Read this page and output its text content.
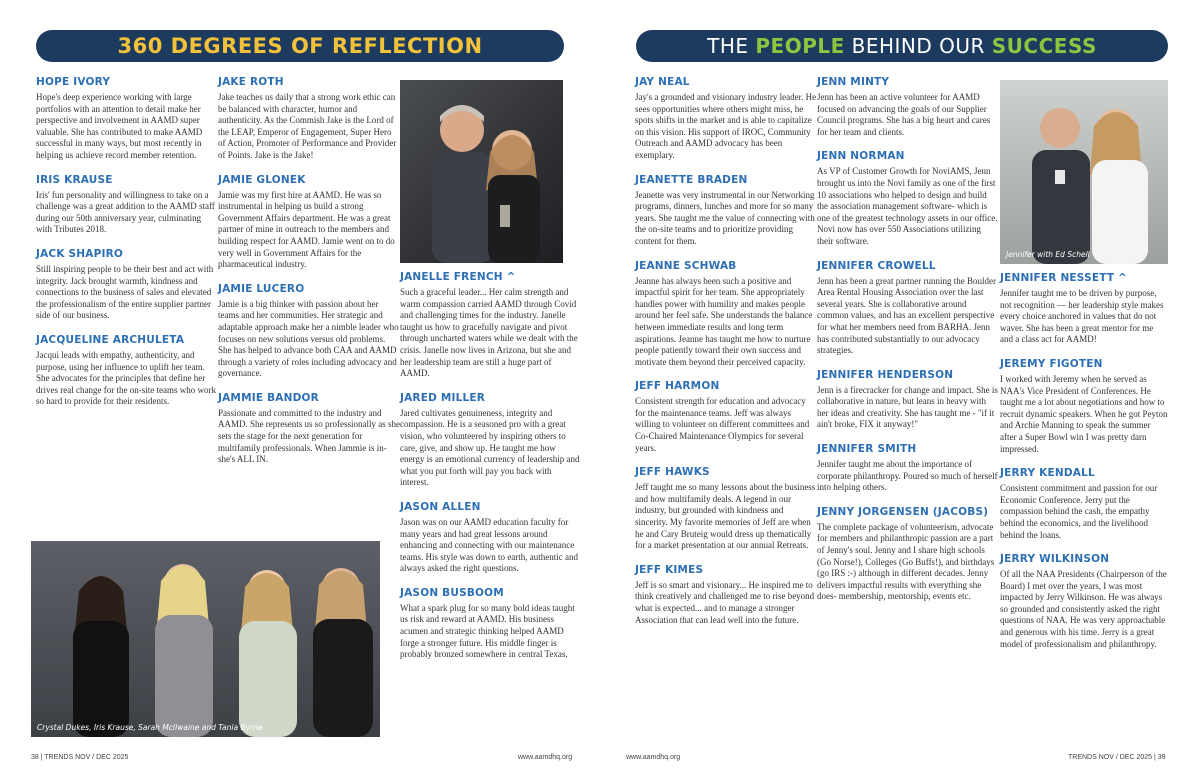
360 DEGREES OF REFLECTION	THE PEOPLE BEHIND OUR SUCCESS
HOPE IVORY
Hope's deep experience working with large portfolios with an attention to detail make her perspective and involvement in AAMD super valuable. She has contributed to make AAMD successful in many ways, but most recently in helping us achieve record member retention.
IRIS KRAUSE
Iris' fun personality and willingness to take on a challenge was a great addition to the AAMD staff during our 50th anniversary year, culminating with Tributes 2018.
JACK SHAPIRO
Still inspiring people to be their best and act with integrity. Jack brought warmth, kindness and connections to the business of sales and elevated the professionalism of the entire supplier partner side of our business.
JACQUELINE ARCHULETA
Jacqui leads with empathy, authenticity, and purpose, using her influence to uplift her team. She advocates for the principles that define her drives real change for the on-site teams who work so hard to provide for their residents.
JAKE ROTH
Jake teaches us daily that a strong work ethic can be balanced with character, humor and authenticity. As the Commish Jake is the Lord of the LEAP, Emperor of Engagement, Super Hero of Action, Promoter of Performance and Provider of Points. Jake is the Jake!
JAMIE GLONEK
Jamie was my first hire at AAMD. He was so instrumental in helping us build a strong Government Affairs department. He was a great partner of mine in outreach to the members and building respect for AAMD. Jamie went on to do very well in Government Affairs for the pharmaceutical industry.
JAMIE LUCERO
Jamie is a big thinker with passion about her teams and her communities. Her strategic and adaptable approach make her a nimble leader who focuses on new solutions versus old problems. She has helped to advance both CAA and AAMD through a variety of roles including advocacy and governance.
JAMMIE BANDOR
Passionate and committed to the industry and AAMD. She represents us so professionally as she sets the stage for the next generation for multifamily professionals. When Jammie is in- she's ALL IN.
JANELLE FRENCH ^
Such a graceful leader... Her calm strength and warm compassion carried AAMD through Covid and challenging times for the industry. Janelle taught us how to gracefully navigate and pivot through uncharted waters while we dealt with the crisis. Janelle now lives in Arizona, but she and her leadership team are still a huge part of AAMD.
JARED MILLER
Jared cultivates genuineness, integrity and compassion. He is a seasoned pro with a great vision, who volunteered by inspiring others to care, give, and show up. He taught me how energy is an emotional currency of leadership and what you put forth will pay you back with interest.
JASON ALLEN
Jason was on our AAMD education faculty for many years and had great lessons around enhancing and connecting with our maintenance teams. His style was down to earth, authentic and always asked the right questions.
JASON BUSBOOM
What a spark plug for so many bold ideas taught us risk and reward at AAMD. His business acumen and strategic thinking helped AAMD forge a stronger future. His middle finger is probably bronzed somewhere in central Texas.
Crystal Dukes, Iris Krause, Sarah McIlwaine and Tania Byrne
JAY NEAL
Jay's a grounded and visionary industry leader. He sees opportunities where others might miss, he spots shifts in the market and is able to capitalize on this vision. His support of IROC, Community Outreach and AAMD advocacy has been exemplary.
JEANETTE BRADEN
Jeanette was very instrumental in our Networking programs, dinners, lunches and more for so many years. She taught me the value of connecting with the on-site teams and to prioritize providing content for them.
JEANNE SCHWAB
Jeanne has always been such a positive and impactful spirit for her team. She appropriately handles power with humility and makes people around her feel safe. She understands the balance between immediate results and long term aspirations. Jeanne has taught me how to nurture people patiently toward their own success and motivate them beyond their perceived capacity.
JEFF HARMON
Consistent strength for education and advocacy for the maintenance teams. Jeff was always willing to volunteer on different committees and Co-Chaired Maintenance Olympics for several years.
JEFF HAWKS
Jeff taught me so many lessons about the business and how multifamily deals. A legend in our industry, but grounded with kindness and sincerity. My favorite memories of Jeff are when he and Cary Bruteig would dress up thematically for a market presentation at our annual Retreats.
JEFF KIMES
Jeff is so smart and visionary... He inspired me to think creatively and challenged me to rise beyond what is expected... and to manage a stronger Association that can lead well into the future.
JENN MINTY
Jenn has been an active volunteer for AAMD focused on advancing the goals of our Supplier Council programs. She has a big heart and cares for her team and clients.
JENN NORMAN
As VP of Customer Growth for NoviAMS, Jenn brought us into the Novi family as one of the first 10 associations who helped to design and build the association management software- which is one of the greatest technology assets in our office. Novi now has over 550 Associations utilizing their software.
JENNIFER CROWELL
Jenn has been a great partner running the Boulder Area Rental Housing Association over the last several years. She is collaborative around common values, and has an excellent perspective for what her members need from BARHA. Jenn has contributed substantially to our advocacy strategies.
JENNIFER HENDERSON
Jenn is a firecracker for change and impact. She is collaborative in nature, but leans in heavy with her ideas and creativity. She has taught me - "if it ain't broke, FIX it anyway!"
JENNIFER SMITH
Jennifer taught me about the importance of corporate philanthropy. Poured so much of herself into helping others.
JENNY JORGENSEN (JACOBS)
The complete package of volunteerism, advocate for members and philanthropic passion are a part of Jenny's soul. Jenny and I share high schools (Go Norse!), Colleges (Go Buffs!), and birthdays (go IRS :-) although in different decades. Jenny delivers impactful results with everything she does- membership, mentorship, events etc.
Jennifer with Ed Schell
JENNIFER NESSETT ^
Jennifer taught me to be driven by purpose, not recognition — her leadership style makes every choice anchored in values that do not waver. She has been a great mentor for me and a class act for AAMD!
JEREMY FIGOTEN
I worked with Jeremy when he served as NAA's Vice President of Conferences. He taught me a lot about negotiations and how to recruit dynamic speakers. When he got Peyton and Archie Manning to speak the summer after a Super Bowl win I was pretty darn impressed.
JERRY KENDALL
Consistent commitment and passion for our Economic Conference. Jerry put the compassion behind the cash, the empathy behind the economics, and the livelihood behind the loans.
JERRY WILKINSON
Of all the NAA Presidents (Chairperson of the Board) I met over the years, I was most impacted by Jerry Wilkinson. He was always so grounded and consistently asked the right questions of NAA. He was very approachable and generous with his time. Jerry is a great model of professionalism and philanthropy.
38 | TRENDS NOV / DEC 2025	www.aamdhq.org	www.aamdhq.org	TRENDS NOV / DEC 2025 | 39
